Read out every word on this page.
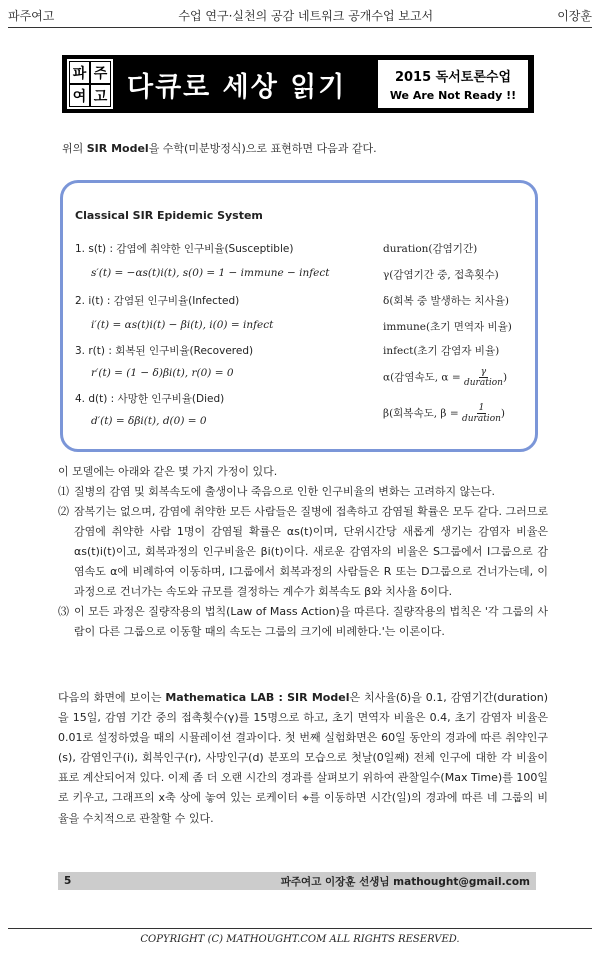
파주여고	수업 연구·실천의 공감 네트워크 공개수업 보고서	이장훈
파 주
여 고 다큐로 세상 읽기	2015 독서토론수업
We Are Not Ready !!
위의 SIR Model을 수학(미분방정식)으로 표현하면 다음과 같다.
Classical SIR Epidemic System
1. s(t) : 감염에 취약한 인구비율(Susceptible)
s′(t) = −αs(t)i(t), s(0) = 1 − immune − infect
2. i(t) : 감염된 인구비율(Infected)
i′(t) = αs(t)i(t) − βi(t), i(0) = infect
3. r(t) : 회복된 인구비율(Recovered)
r′(t) = (1 − δ)βi(t), r(0) = 0
4. d(t) : 사망한 인구비율(Died)
d′(t) = δβi(t), d(0) = 0
duration(감염기간)
γ(감염기간 중, 접촉횟수)
δ(회복 중 발생하는 치사율)
immune(초기 면역자 비율)
infect(초기 감염자 비율)
α(감염속도, $\alpha = \frac{\gamma}{\text{duration}}$ )
β(회복속도, $\beta = \frac{1}{\text{duration}}$ )
이 모델에는 아래와 같은 몇 가지 가정이 있다.
⑴ 질병의 감염 및 회복속도에 출생이나 죽음으로 인한 인구비율의 변화는 고려하지 않는다.
⑵ 잠복기는 없으며, 감염에 취약한 모든 사람들은 질병에 접촉하고 감염될 확률은 모두 같다. 그러므로 감염에 취약한 사람 1명이 감염될 확률은 αs(t)이며, 단위시간당 새롭게 생기는 감염자 비율은 αs(t)i(t)이고, 회복과정의 인구비율은 βi(t)이다. 새로운 감염자의 비율은 S그룹에서 I그룹으로 감염속도 α에 비례하여 이동하며, I그룹에서 회복과정의 사람들은 R 또는 D그룹으로 건너가는데, 이 과정으로 건너가는 속도와 규모를 결정하는 계수가 회복속도 β와 치사율 δ이다.
⑶ 이 모든 과정은 질량작용의 법칙(Law of Mass Action)을 따른다. 질량작용의 법칙은 '각 그룹의 사람이 다른 그룹으로 이동할 때의 속도는 그룹의 크기에 비례한다.'는 이론이다.
다음의 화면에 보이는 Mathematica LAB : SIR Model은 치사율(δ)을 0.1, 감염기간(duration)을 15일, 감염 기간 중의 접촉횟수(γ)를 15명으로 하고, 초기 면역자 비율은 0.4, 초기 감염자 비율은 0.01로 설정하였을 때의 시뮬레이션 결과이다. 첫 번째 실험화면은 60일 동안의 경과에 따른 취약인구(s), 감염인구(i), 회복인구(r), 사망인구(d) 분포의 모습으로 첫날(0일째) 전체 인구에 대한 각 비율이 표로 계산되어져 있다. 이제 좀 더 오랜 시간의 경과를 살펴보기 위하여 관찰일수(Max Time)를 100일로 키우고, 그래프의 x축 상에 놓여 있는 로케이터 ⌖를 이동하면 시간(일)의 경과에 따른 네 그룹의 비율을 수치적으로 관찰할 수 있다.
5	파주여고 이장훈 선생님 mathought@gmail.com
COPYRIGHT (C) MATHOUGHT.COM ALL RIGHTS RESERVED.
